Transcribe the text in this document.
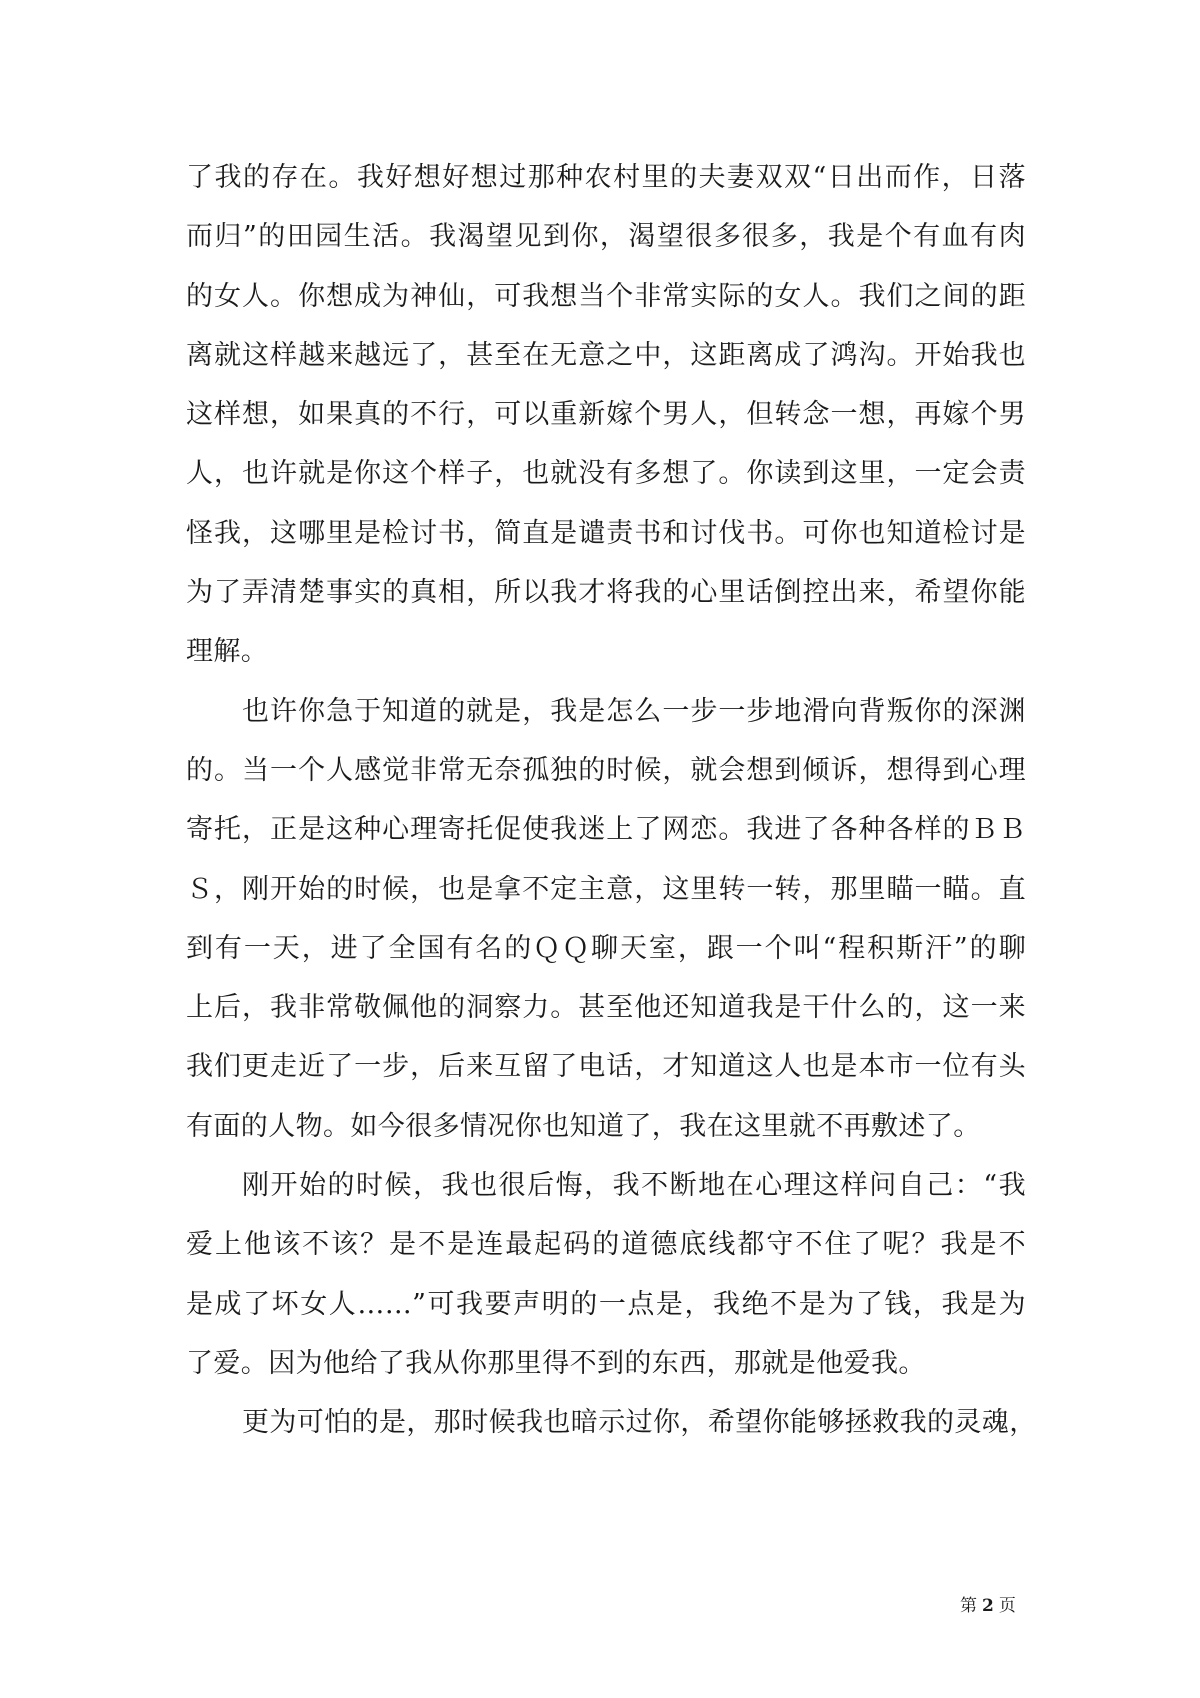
了我的存在。我好想好想过那种农村里的夫妻双双“日出而作，日落
而归”的田园生活。我渴望见到你，渴望很多很多，我是个有血有肉
的女人。你想成为神仙，可我想当个非常实际的女人。我们之间的距
离就这样越来越远了，甚至在无意之中，这距离成了鸿沟。开始我也
这样想，如果真的不行，可以重新嫁个男人，但转念一想，再嫁个男
人，也许就是你这个样子，也就没有多想了。你读到这里，一定会责
怪我，这哪里是检讨书，简直是谴责书和讨伐书。可你也知道检讨是
为了弄清楚事实的真相，所以我才将我的心里话倒控出来，希望你能
理解。
也许你急于知道的就是，我是怎么一步一步地滑向背叛你的深渊
的。当一个人感觉非常无奈孤独的时候，就会想到倾诉，想得到心理
寄托，正是这种心理寄托促使我迷上了网恋。我进了各种各样的ＢＢ
Ｓ，刚开始的时候，也是拿不定主意，这里转一转，那里瞄一瞄。直
到有一天，进了全国有名的ＱＱ聊天室，跟一个叫“程积斯汗”的聊
上后，我非常敬佩他的洞察力。甚至他还知道我是干什么的，这一来
我们更走近了一步，后来互留了电话，才知道这人也是本市一位有头
有面的人物。如今很多情况你也知道了，我在这里就不再敷述了。
刚开始的时候，我也很后悔，我不断地在心理这样问自己：“我
爱上他该不该？是不是连最起码的道德底线都守不住了呢？我是不
是成了坏女人……”可我要声明的一点是，我绝不是为了钱，我是为
了爱。因为他给了我从你那里得不到的东西，那就是他爱我。
更为可怕的是，那时候我也暗示过你，希望你能够拯救我的灵魂，
第 2 页
